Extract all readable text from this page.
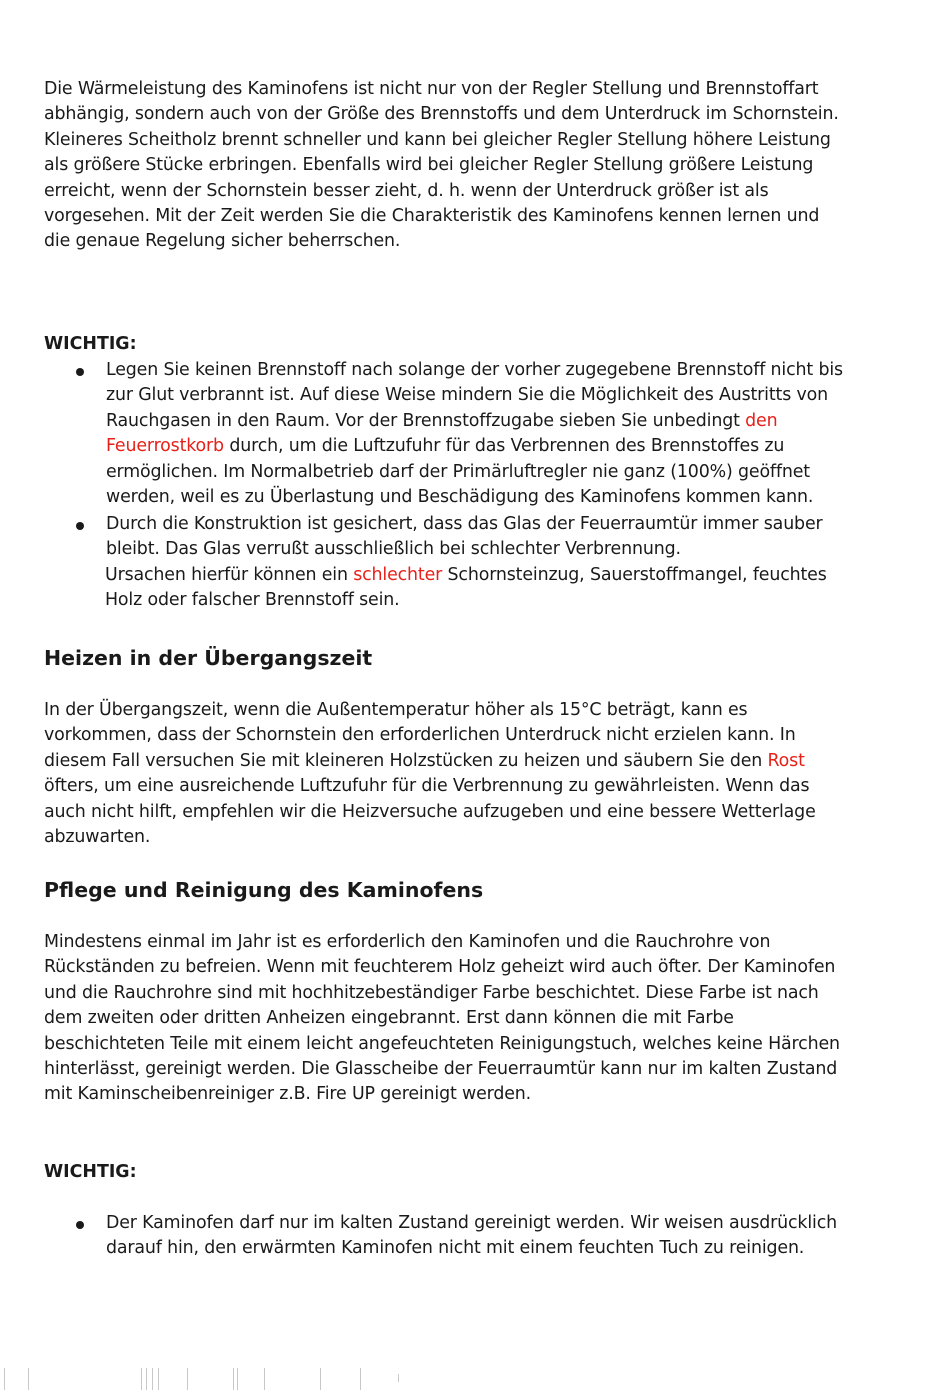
Die Wärmeleistung des Kaminofens ist nicht nur von der Regler Stellung und Brennstoffart
abhängig, sondern auch von der Größe des Brennstoffs und dem Unterdruck im Schornstein.
Kleineres Scheitholz brennt schneller und kann bei gleicher Regler Stellung höhere Leistung
als größere Stücke erbringen. Ebenfalls wird bei gleicher Regler Stellung größere Leistung
erreicht, wenn der Schornstein besser zieht, d. h. wenn der Unterdruck größer ist als
vorgesehen. Mit der Zeit werden Sie die Charakteristik des Kaminofens kennen lernen und
die genaue Regelung sicher beherrschen.
WICHTIG:
Legen Sie keinen Brennstoff nach solange der vorher zugegebene Brennstoff nicht bis
zur Glut verbrannt ist. Auf diese Weise mindern Sie die Möglichkeit des Austritts von
Rauchgasen in den Raum. Vor der Brennstoffzugabe sieben Sie unbedingt den
Feuerrostkorb durch, um die Luftzufuhr für das Verbrennen des Brennstoffes zu
ermöglichen. Im Normalbetrieb darf der Primärluftregler nie ganz (100%) geöffnet
werden, weil es zu Überlastung und Beschädigung des Kaminofens kommen kann.
Durch die Konstruktion ist gesichert, dass das Glas der Feuerraumtür immer sauber
bleibt. Das Glas verrußt ausschließlich bei schlechter Verbrennung.
Ursachen hierfür können ein schlechter Schornsteinzug, Sauerstoffmangel, feuchtes
Holz oder falscher Brennstoff sein.
Heizen in der Übergangszeit
In der Übergangszeit, wenn die Außentemperatur höher als 15°C beträgt, kann es
vorkommen, dass der Schornstein den erforderlichen Unterdruck nicht erzielen kann. In
diesem Fall versuchen Sie mit kleineren Holzstücken zu heizen und säubern Sie den Rost
öfters, um eine ausreichende Luftzufuhr für die Verbrennung zu gewährleisten. Wenn das
auch nicht hilft, empfehlen wir die Heizversuche aufzugeben und eine bessere Wetterlage
abzuwarten.
Pflege und Reinigung des Kaminofens
Mindestens einmal im Jahr ist es erforderlich den Kaminofen und die Rauchrohre von
Rückständen zu befreien. Wenn mit feuchterem Holz geheizt wird auch öfter. Der Kaminofen
und die Rauchrohre sind mit hochhitzebeständiger Farbe beschichtet. Diese Farbe ist nach
dem zweiten oder dritten Anheizen eingebrannt. Erst dann können die mit Farbe
beschichteten Teile mit einem leicht angefeuchteten Reinigungstuch, welches keine Härchen
hinterlässt, gereinigt werden. Die Glasscheibe der Feuerraumtür kann nur im kalten Zustand
mit Kaminscheibenreiniger z.B. Fire UP gereinigt werden.
WICHTIG:
Der Kaminofen darf nur im kalten Zustand gereinigt werden. Wir weisen ausdrücklich
darauf hin, den erwärmten Kaminofen nicht mit einem feuchten Tuch zu reinigen.
